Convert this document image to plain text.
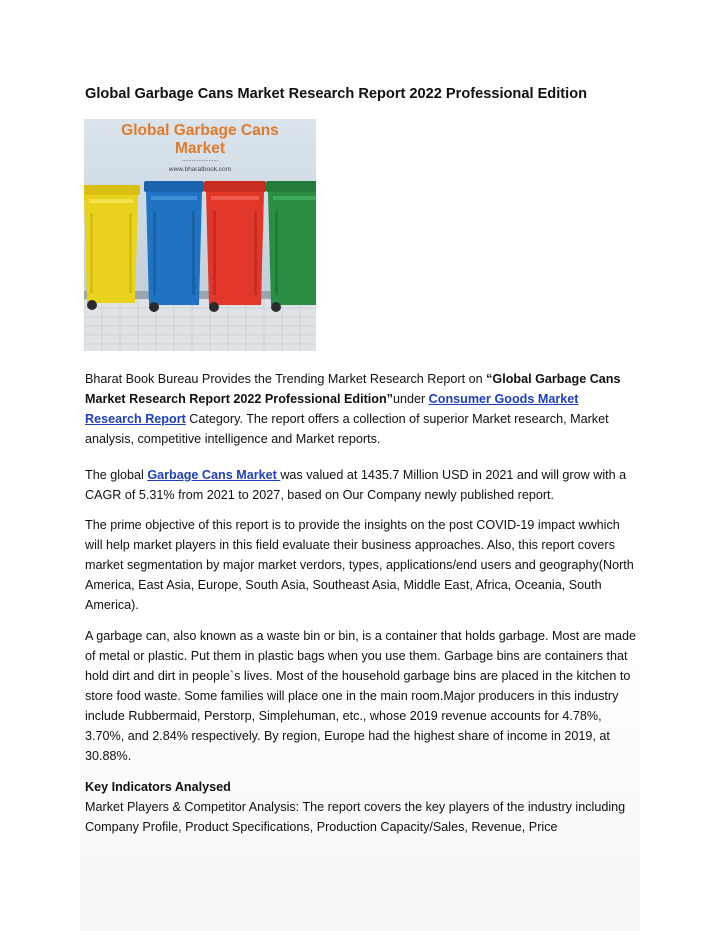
Global Garbage Cans Market Research Report 2022 Professional Edition
Global Garbage Cans
Market
......................
www.bharatbook.com
Bharat Book Bureau Provides the Trending Market Research Report on “Global Garbage Cans Market Research Report 2022 Professional Edition”under Consumer Goods Market Research Report Category. The report offers a collection of superior Market research, Market analysis, competitive intelligence and Market reports.
The global Garbage Cans Market was valued at 1435.7 Million USD in 2021 and will grow with a CAGR of 5.31% from 2021 to 2027, based on Our Company newly published report.
The prime objective of this report is to provide the insights on the post COVID-19 impact wwhich will help market players in this field evaluate their business approaches. Also, this report covers market segmentation by major market verdors, types, applications/end users and geography(North America, East Asia, Europe, South Asia, Southeast Asia, Middle East, Africa, Oceania, South America).
A garbage can, also known as a waste bin or bin, is a container that holds garbage. Most are made of metal or plastic. Put them in plastic bags when you use them. Garbage bins are containers that hold dirt and dirt in people`s lives. Most of the household garbage bins are placed in the kitchen to store food waste. Some families will place one in the main room.Major producers in this industry include Rubbermaid, Perstorp, Simplehuman, etc., whose 2019 revenue accounts for 4.78%, 3.70%, and 2.84% respectively. By region, Europe had the highest share of income in 2019, at 30.88%.
Key Indicators Analysed
Market Players & Competitor Analysis: The report covers the key players of the industry including Company Profile, Product Specifications, Production Capacity/Sales, Revenue, Price
